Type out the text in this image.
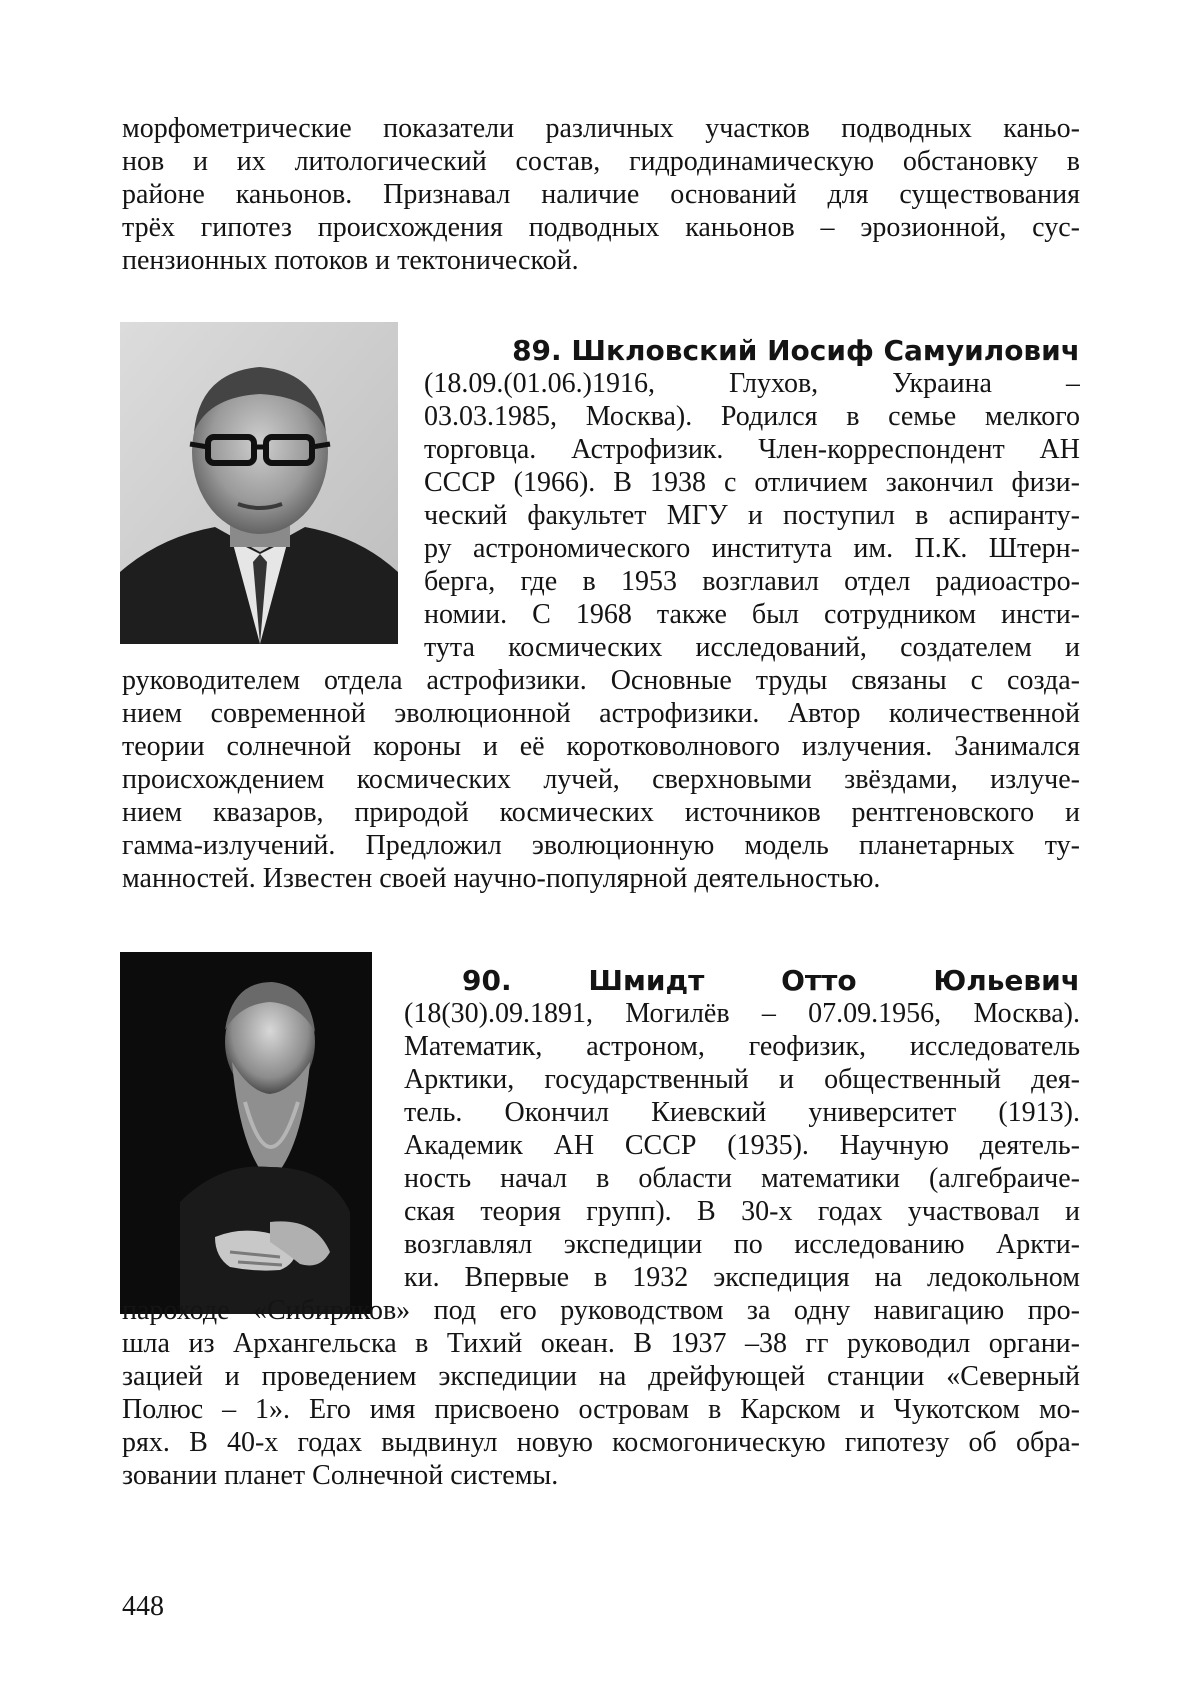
морфометрические показатели различных участков подводных каньо-
нов и их литологический состав, гидродинамическую обстановку в
районе каньонов. Признавал наличие оснований для существования
трёх гипотез происхождения подводных каньонов – эрозионной, сус-
пензионных потоков и тектонической.
89. Шкловский Иосиф Самуилович
(18.09.(01.06.)1916, Глухов, Украина –
03.03.1985, Москва). Родился в семье мелкого
торговца. Астрофизик. Член-корреспондент АН
СССР (1966). В 1938 с отличием закончил физи-
ческий факультет МГУ и поступил в аспиранту-
ру астрономического института им. П.К. Штерн-
берга, где в 1953 возглавил отдел радиоастро-
номии. С 1968 также был сотрудником инсти-
тута космических исследований, создателем и
руководителем отдела астрофизики. Основные труды связаны с созда-
нием современной эволюционной астрофизики. Автор количественной
теории солнечной короны и её коротковолнового излучения. Занимался
происхождением космических лучей, сверхновыми звёздами, излуче-
нием квазаров, природой космических источников рентгеновского и
гамма-излучений. Предложил эволюционную модель планетарных ту-
манностей. Известен своей научно-популярной деятельностью.
90.	Шмидт	Отто	Юльевич
(18(30).09.1891, Могилёв – 07.09.1956, Москва).
Математик, астроном, геофизик, исследователь
Арктики, государственный и общественный дея-
тель. Окончил Киевский университет (1913).
Академик АН СССР (1935). Научную деятель-
ность начал в области математики (алгебраиче-
ская теория групп). В 30-х годах участвовал и
возглавлял экспедиции по исследованию Аркти-
ки. Впервые в 1932 экспедиция на ледокольном
пароходе «Сибиряков» под его руководством за одну навигацию про-
шла из Архангельска в Тихий океан. В 1937 –38 гг руководил органи-
зацией и проведением экспедиции на дрейфующей станции «Северный
Полюс – 1». Его имя присвоено островам в Карском и Чукотском мо-
рях. В 40-х годах выдвинул новую космогоническую гипотезу об обра-
зовании планет Солнечной системы.
448
